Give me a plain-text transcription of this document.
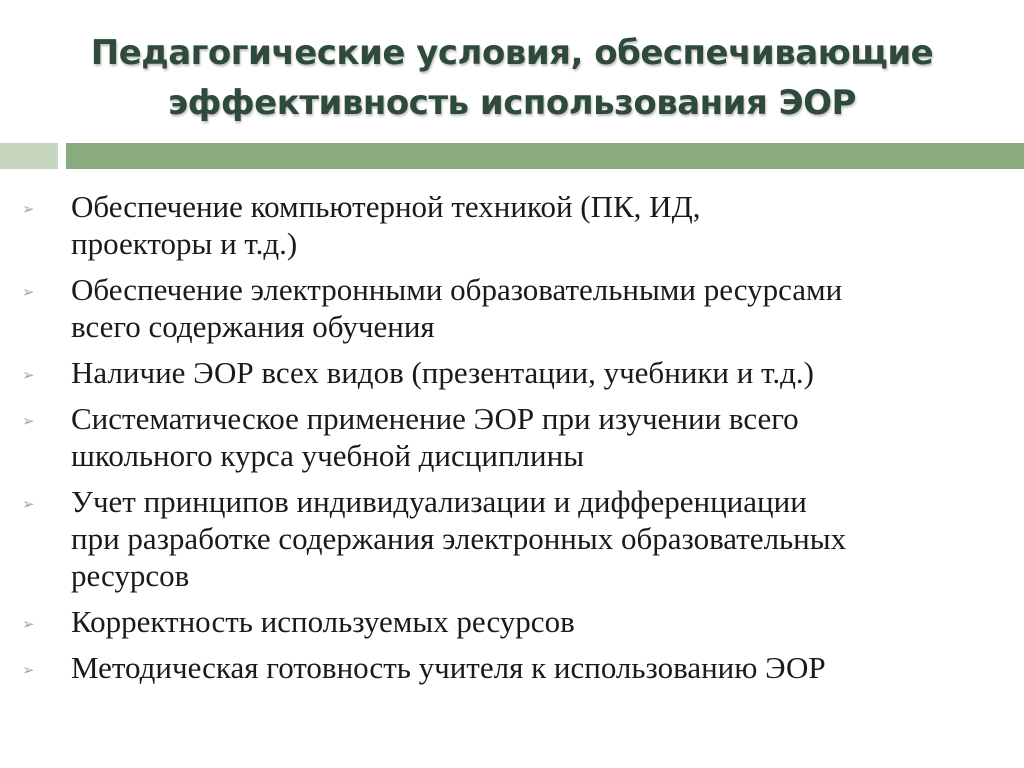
Педагогические условия, обеспечивающие
эффективность использования ЭОР
➢ Обеспечение компьютерной техникой (ПК, ИД,
проекторы и т.д.)
➢ Обеспечение электронными образовательными ресурсами
всего содержания обучения
➢ Наличие ЭОР всех видов (презентации, учебники и т.д.)
➢ Систематическое применение ЭОР при изучении всего
школьного курса учебной дисциплины
➢ Учет принципов индивидуализации и дифференциации
при разработке содержания электронных образовательных
ресурсов
➢ Корректность используемых ресурсов
➢ Методическая готовность учителя к использованию ЭОР
